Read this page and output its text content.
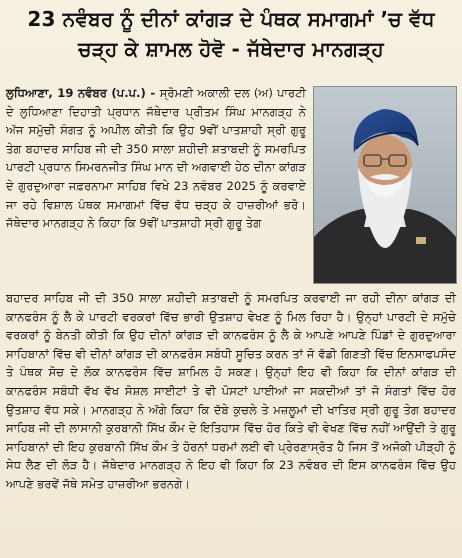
23 ਨਵੰਬਰ ਨੂੰ ਦੀਨਾਂ ਕਾਂਗੜ ਦੇ ਪੰਥਕ ਸਮਾਗਮਾਂ ’ਚ ਵੱਧ ਚੜ੍ਹ ਕੇ ਸ਼ਾਮਲ ਹੋਵੋ - ਜੱਥੇਦਾਰ ਮਾਨਗੜ੍ਹ

ਲੁਧਿਆਣਾ, 19 ਨਵੰਬਰ (ਪ.ਪ.) - ਸ੍ਰੋਮਣੀ ਅਕਾਲੀ ਦਲ (ਅ) ਪਾਰਟੀ ਦੇ ਲੁਧਿਆਣਾ ਦਿਹਾਤੀ ਪ੍ਰਧਾਨ ਜੱਥੇਦਾਰ ਪ੍ਰੀਤਮ ਸਿੰਘ ਮਾਨਗੜ੍ਹ ਨੇ ਅੱਜ ਸਮੁੱਚੀ ਸੰਗਤ ਨੂੰ ਅਪੀਲ ਕੀਤੀ ਕਿ ਉਹ 9ਵੀਂ ਪਾਤਸ਼ਾਹੀ ਸ੍ਰੀ ਗੁਰੂ ਤੇਗ ਬਹਾਦਰ ਸਾਹਿਬ ਜੀ ਦੀ 350 ਸਾਲਾ ਸ਼ਹੀਦੀ ਸ਼ਤਾਬਦੀ ਨੂੰ ਸਮਰਪਿਤ ਪਾਰਟੀ ਪ੍ਰਧਾਨ ਸਿਮਰਨਜੀਤ ਸਿੰਘ ਮਾਨ ਦੀ ਅਗਵਾਈ ਹੇਠ ਦੀਨਾ ਕਾਂਗੜ ਦੇ ਗੁਰਦੁਆਰਾ ਜਫ਼ਰਨਾਮਾ ਸਾਹਿਬ ਵਿਖੇ 23 ਨਵੰਬਰ 2025 ਨੂੰ ਕਰਵਾਏ ਜਾ ਰਹੇ ਵਿਸ਼ਾਲ ਪੰਥਕ ਸਮਾਗਮਾਂ ਵਿੱਚ ਵੱਧ ਚੜ੍ਹ ਕੇ ਹਾਜ਼ਰੀਆਂ ਭਰੋ। ਜੱਥੇਦਾਰ ਮਾਨਗੜ੍ਹ ਨੇ ਕਿਹਾ ਕਿ 9ਵੀਂ ਪਾਤਸ਼ਾਹੀ ਸ੍ਰੀ ਗੁਰੂ ਤੇਗ

ਬਹਾਦਰ ਸਾਹਿਬ ਜੀ ਦੀ 350 ਸਾਲਾ ਸ਼ਹੀਦੀ ਸ਼ਤਾਬਦੀ ਨੂੰ ਸਮਰਪਿਤ ਕਰਵਾਈ ਜਾ ਰਹੀ ਦੀਨਾ ਕਾਂਗੜ ਦੀ ਕਾਨਫਰੰਸ ਨੂੰ ਲੈ ਕੇ ਪਾਰਟੀ ਵਰਕਰਾਂ ਵਿੱਚ ਭਾਰੀ ਉਤਸ਼ਾਹ ਵੇਖਣ ਨੂੰ ਮਿਲ ਰਿਹਾ ਹੈ। ਉਨ੍ਹਾਂ ਪਾਰਟੀ ਦੇ ਸਮੁੱਚੇ ਵਰਕਰਾਂ ਨੂੰ ਬੇਨਤੀ ਕੀਤੀ ਕਿ ਉਹ ਦੀਨਾਂ ਕਾਂਗੜ ਦੀ ਕਾਨਫਰੰਸ ਨੂੰ ਲੈ ਕੇ ਆਪਣੇ ਆਪਣੇ ਪਿੰਡਾਂ ਦੇ ਗੁਰਦੁਆਰਾ ਸਾਹਿਬਾਨਾਂ ਵਿੱਚ ਵੀ ਦੀਨਾਂ ਕਾਂਗੜ ਦੀ ਕਾਨਫਰੰਸ ਸਬੰਧੀ ਸੂਚਿਤ ਕਰਨ ਤਾਂ ਜੋ ਵੱਡੀ ਗਿਣਤੀ ਵਿੱਚ ਇਨਸਾਫਪਸੰਦ ਤੇ ਪੰਥਕ ਸੋਚ ਦੇ ਲੋਕ ਕਾਨਫਰੰਸ ਵਿੱਚ ਸ਼ਾਮਿਲ ਹੋ ਸਕਣ। ਉਨ੍ਹਾਂ ਇਹ ਵੀ ਕਿਹਾ ਕਿ ਦੀਨਾਂ ਕਾਂਗੜ ਦੀ ਕਾਨਫਰੰਸ ਸਬੰਧੀ ਵੱਖ ਵੱਖ ਸੋਸ਼ਲ ਸਾਈਟਾਂ ਤੇ ਵੀ ਪੋਸਟਾਂ ਪਾਈਆਂ ਜਾ ਸਕਦੀਆਂ ਤਾਂ ਜੋ ਸੰਗਤਾਂ ਵਿੱਚ ਹੋਰ ਉਤਸ਼ਾਹ ਵੱਧ ਸਕੇ। ਮਾਨਗੜ੍ਹ ਨੇ ਅੱਗੇ ਕਿਹਾ ਕਿ ਦੱਬੇ ਕੁਚਲੇ ਤੇ ਮਜ਼ਲੂਮਾਂ ਦੀ ਖਾਤਿਰ ਸ੍ਰੀ ਗੁਰੂ ਤੇਗ ਬਹਾਦਰ ਸਾਹਿਬ ਜੀ ਦੀ ਲਾਸਾਨੀ ਕੁਰਬਾਨੀ ਸਿੱਖ ਕੌਮ ਦੇ ਇਤਿਹਾਸ ਵਿੱਚ ਹੋਰ ਕਿਤੇ ਵੀ ਵੇਖਣ ਵਿੱਚ ਨਹੀਂ ਆਉਂਦੀ ਤੇ ਗੁਰੂ ਸਾਹਿਬਾਨਾਂ ਦੀ ਇਹ ਕੁਰਬਾਨੀ ਸਿੱਖ ਕੌਮ ਤੇ ਹੋਰਨਾਂ ਧਰਮਾਂ ਲਈ ਵੀ ਪ੍ਰੇਰਣਾਸ੍ਰੋਤ ਹੈ ਜਿਸ ਤੋਂ ਅਜੋਕੀ ਪੀੜ੍ਹੀ ਨੂੰ ਸੇਧ ਲੈਣ ਦੀ ਲੋੜ ਹੈ। ਜੱਥੇਦਾਰ ਮਾਨਗੜ੍ਹ ਨੇ ਇਹ ਵੀ ਕਿਹਾ ਕਿ 23 ਨਵੰਬਰ ਦੀ ਇਸ ਕਾਨਫਰੰਸ ਵਿੱਚ ਉਹ ਆਪਣੇ ਭਰਵੇਂ ਜੱਥੇ ਸਮੇਤ ਹਾਜ਼ਰੀਆ ਭਰਨਗੇ।
